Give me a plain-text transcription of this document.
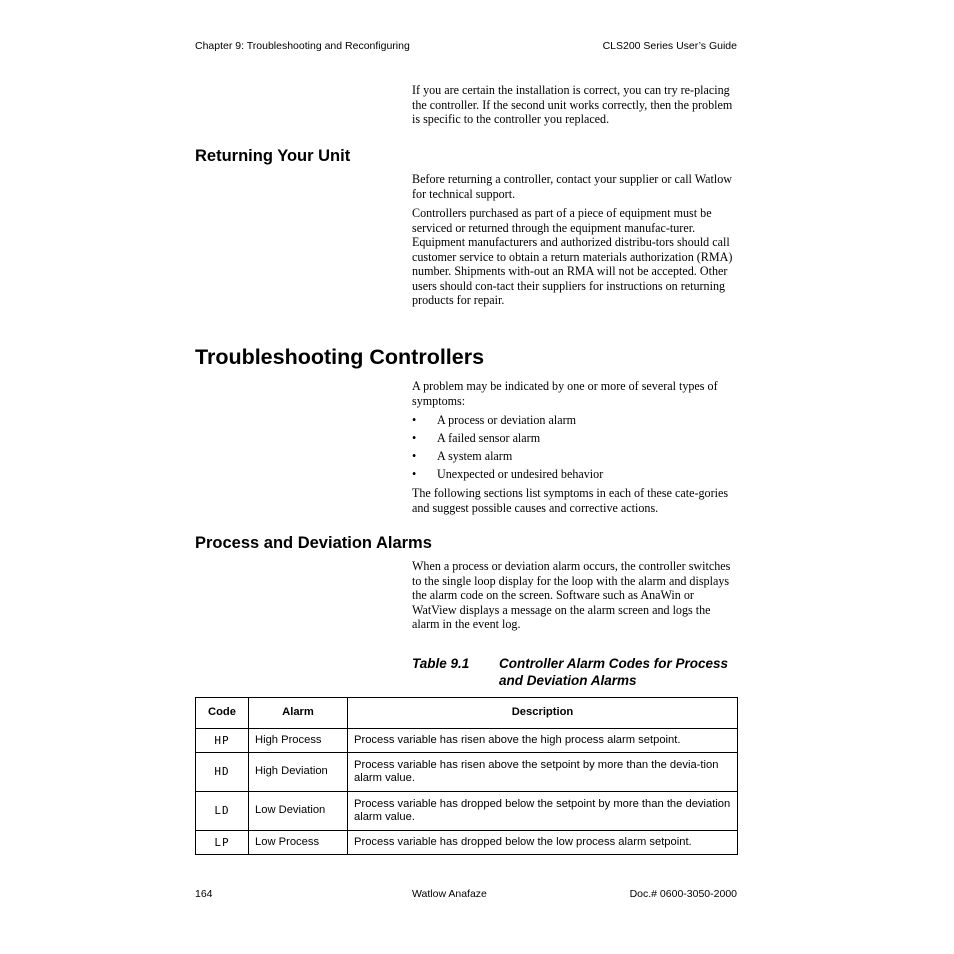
Chapter 9: Troubleshooting and Reconfiguring	CLS200 Series User’s Guide

If you are certain the installation is correct, you can try re-placing the controller. If the second unit works correctly, then the problem is specific to the controller you replaced.

Returning Your Unit

Before returning a controller, contact your supplier or call Watlow for technical support.

Controllers purchased as part of a piece of equipment must be serviced or returned through the equipment manufac-turer. Equipment manufacturers and authorized distribu-tors should call customer service to obtain a return materials authorization (RMA) number. Shipments with-out an RMA will not be accepted. Other users should con-tact their suppliers for instructions on returning products for repair.

Troubleshooting Controllers

A problem may be indicated by one or more of several types of symptoms:

• A process or deviation alarm
• A failed sensor alarm
• A system alarm
• Unexpected or undesired behavior

The following sections list symptoms in each of these cate-gories and suggest possible causes and corrective actions.

Process and Deviation Alarms

When a process or deviation alarm occurs, the controller switches to the single loop display for the loop with the alarm and displays the alarm code on the screen. Software such as AnaWin or WatView displays a message on the alarm screen and logs the alarm in the event log.

Table 9.1 Controller Alarm Codes for Process and Deviation Alarms
Code	Alarm	Description
HP	High Process	Process variable has risen above the high process alarm setpoint.
HD	High Deviation	Process variable has risen above the setpoint by more than the devia-tion alarm value.
LD	Low Deviation	Process variable has dropped below the setpoint by more than the deviation alarm value.
LP	Low Process	Process variable has dropped below the low process alarm setpoint.
164	Watlow Anafaze	Doc.# 0600-3050-2000
